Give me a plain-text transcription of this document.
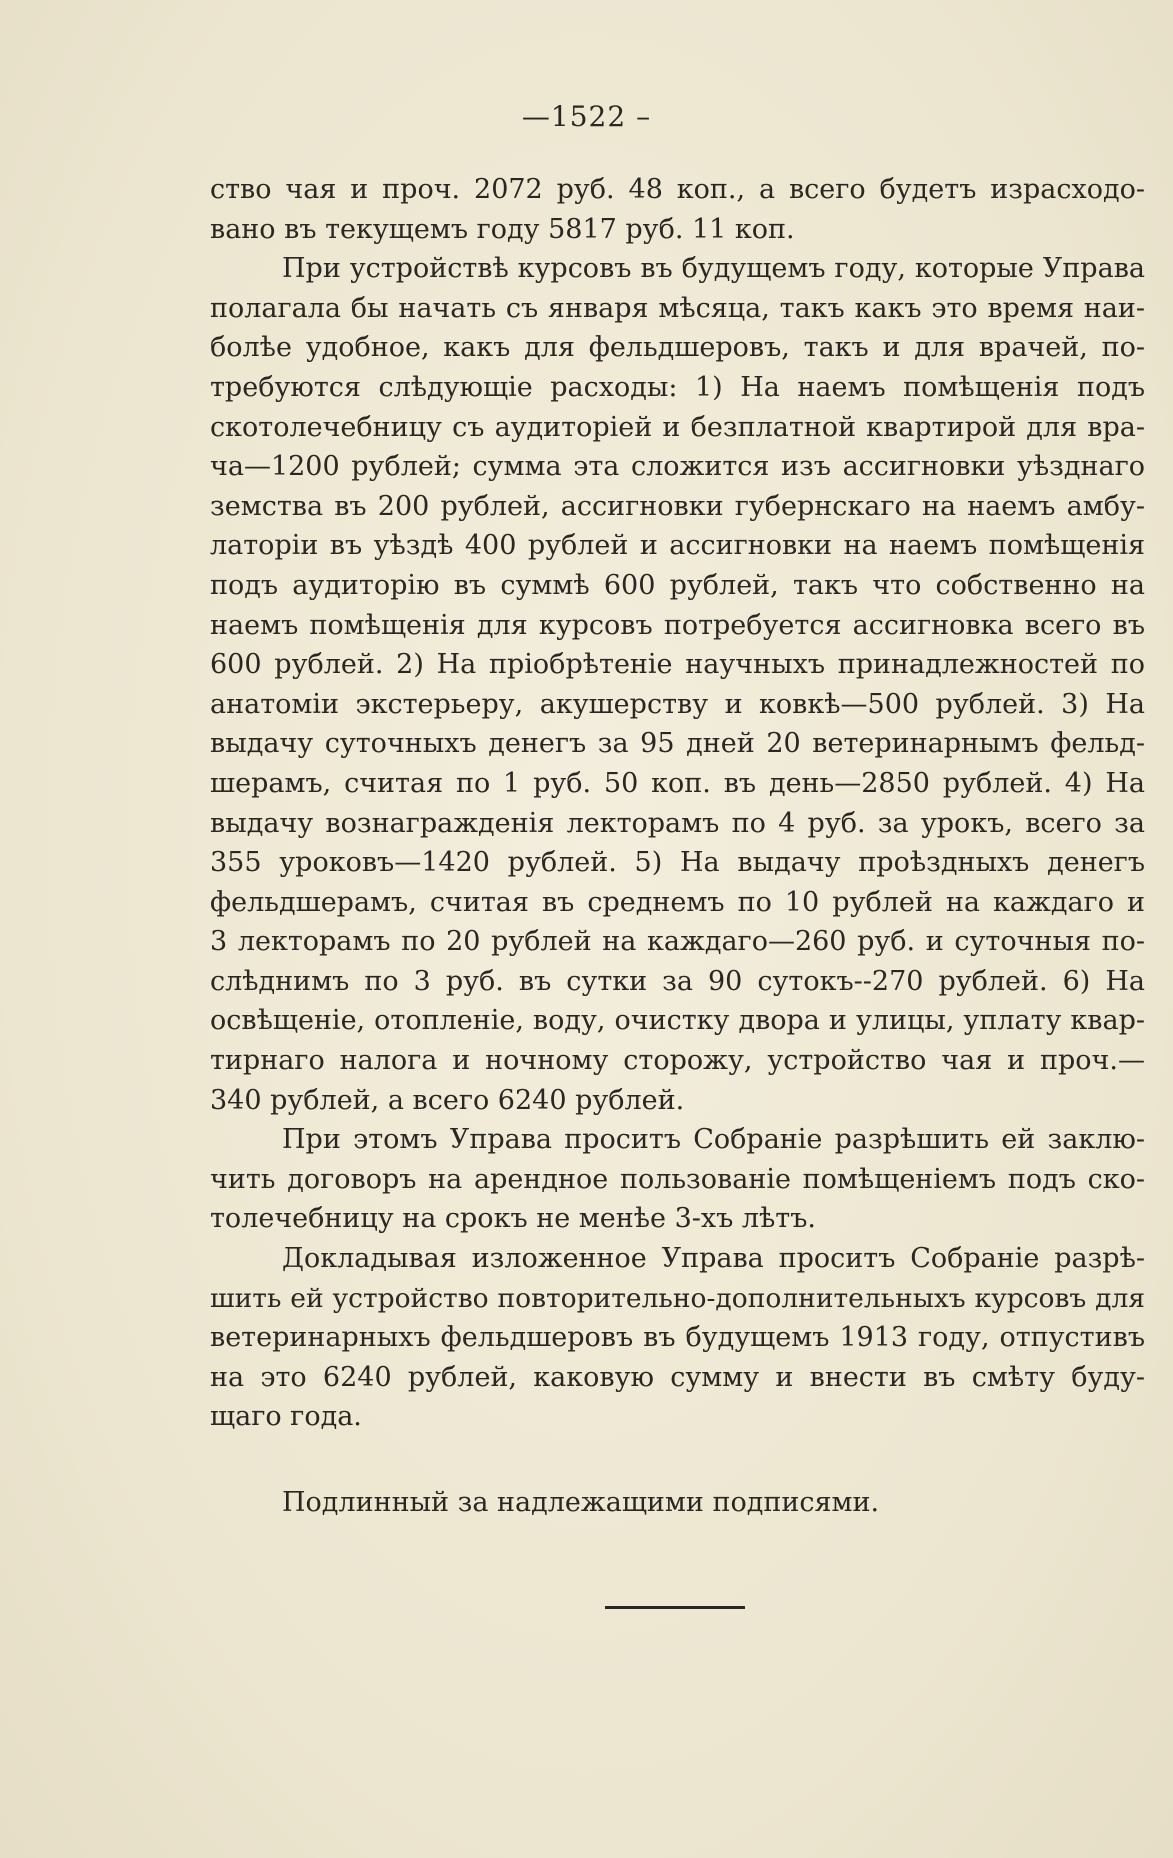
—1522 –
ство чая и проч. 2072 руб. 48 коп., а всего будетъ израсходо-
вано въ текущемъ году 5817 руб. 11 коп.
При устройствѣ курсовъ въ будущемъ году, которые Управа
полагала бы начать съ января мѣсяца, такъ какъ это время наи-
болѣе удобное, какъ для фельдшеровъ, такъ и для врачей, по-
требуются слѣдующіе расходы: 1) На наемъ помѣщенія подъ
скотолечебницу съ аудиторіей и безплатной квартирой для вра-
ча—1200 рублей; сумма эта сложится изъ ассигновки уѣзднаго
земства въ 200 рублей, ассигновки губернскаго на наемъ амбу-
латоріи въ уѣздѣ 400 рублей и ассигновки на наемъ помѣщенія
подъ аудиторію въ суммѣ 600 рублей, такъ что собственно на
наемъ помѣщенія для курсовъ потребуется ассигновка всего въ
600 рублей. 2) На пріобрѣтеніе научныхъ принадлежностей по
анатоміи экстерьеру, акушерству и ковкѣ—500 рублей. 3) На
выдачу суточныхъ денегъ за 95 дней 20 ветеринарнымъ фельд-
шерамъ, считая по 1 руб. 50 коп. въ день—2850 рублей. 4) На
выдачу вознагражденія лекторамъ по 4 руб. за урокъ, всего за
355 уроковъ—1420 рублей. 5) На выдачу проѣздныхъ денегъ
фельдшерамъ, считая въ среднемъ по 10 рублей на каждаго и
3 лекторамъ по 20 рублей на каждаго—260 руб. и суточныя по-
слѣднимъ по 3 руб. въ сутки за 90 сутокъ--270 рублей. 6) На
освѣщеніе, отопленіе, воду, очистку двора и улицы, уплату квар-
тирнаго налога и ночному сторожу, устройство чая и проч.—
340 рублей, а всего 6240 рублей.
При этомъ Управа проситъ Собраніе разрѣшить ей заклю-
чить договоръ на арендное пользованіе помѣщеніемъ подъ ско-
толечебницу на срокъ не менѣе 3-хъ лѣтъ.
Докладывая изложенное Управа проситъ Собраніе разрѣ-
шить ей устройство повторительно-дополнительныхъ курсовъ для
ветеринарныхъ фельдшеровъ въ будущемъ 1913 году, отпустивъ
на это 6240 рублей, каковую сумму и внести въ смѣту буду-
щаго года.
Подлинный за надлежащими подписями.
